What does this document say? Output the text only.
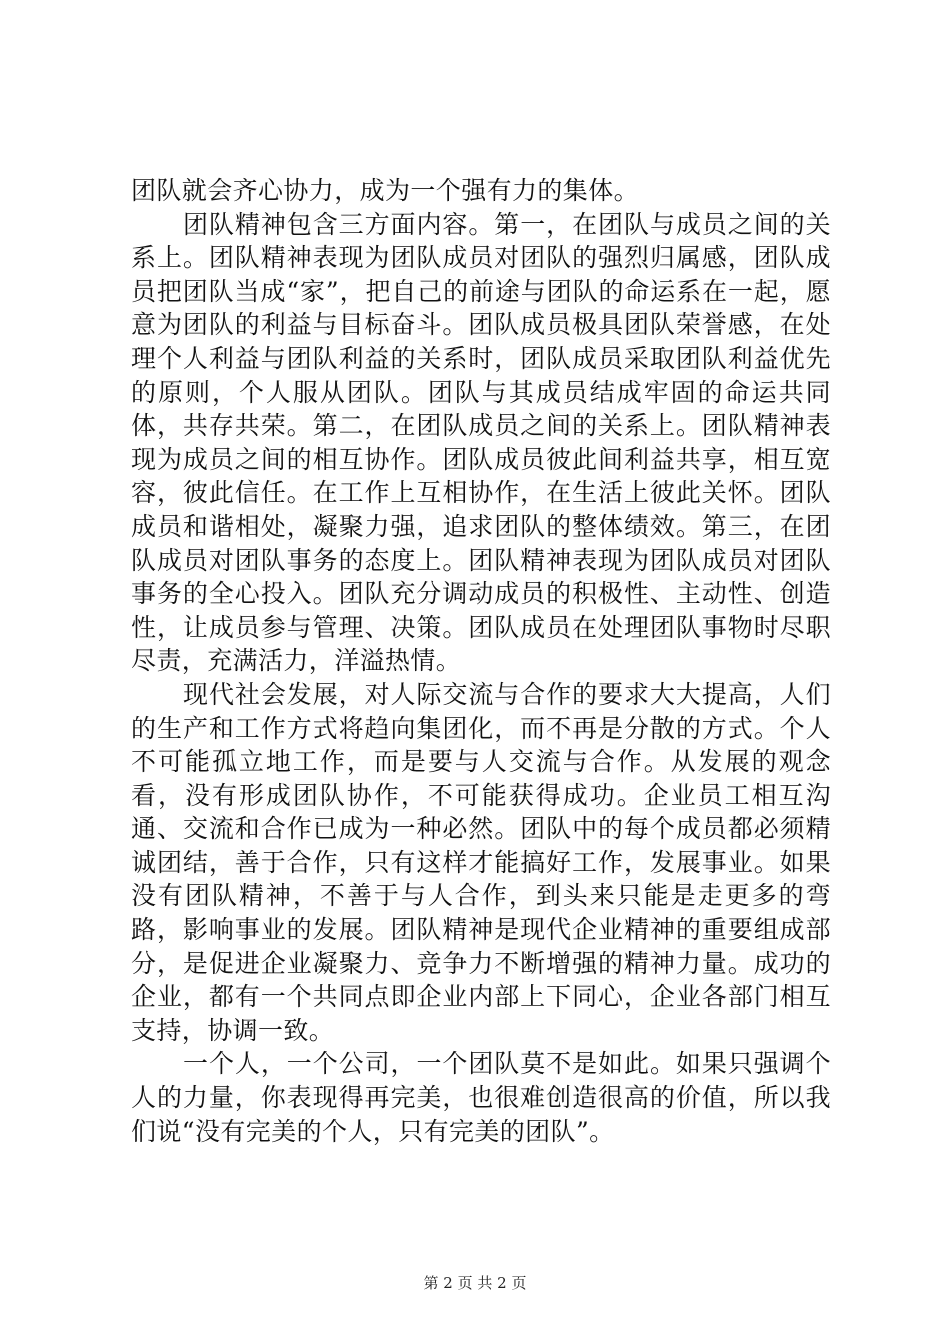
团队就会齐心协力，成为一个强有力的集体。

团队精神包含三方面内容。第一，在团队与成员之间的关系上。团队精神表现为团队成员对团队的强烈归属感，团队成员把团队当成“家”，把自己的前途与团队的命运系在一起，愿意为团队的利益与目标奋斗。团队成员极具团队荣誉感，在处理个人利益与团队利益的关系时，团队成员采取团队利益优先的原则，个人服从团队。团队与其成员结成牢固的命运共同体，共存共荣。第二，在团队成员之间的关系上。团队精神表现为成员之间的相互协作。团队成员彼此间利益共享，相互宽容，彼此信任。在工作上互相协作，在生活上彼此关怀。团队成员和谐相处，凝聚力强，追求团队的整体绩效。第三，在团队成员对团队事务的态度上。团队精神表现为团队成员对团队事务的全心投入。团队充分调动成员的积极性、主动性、创造性，让成员参与管理、决策。团队成员在处理团队事物时尽职尽责，充满活力，洋溢热情。

现代社会发展，对人际交流与合作的要求大大提高，人们的生产和工作方式将趋向集团化，而不再是分散的方式。个人不可能孤立地工作，而是要与人交流与合作。从发展的观念看，没有形成团队协作，不可能获得成功。企业员工相互沟通、交流和合作已成为一种必然。团队中的每个成员都必须精诚团结，善于合作，只有这样才能搞好工作，发展事业。如果没有团队精神，不善于与人合作，到头来只能是走更多的弯路，影响事业的发展。团队精神是现代企业精神的重要组成部分，是促进企业凝聚力、竞争力不断增强的精神力量。成功的企业，都有一个共同点即企业内部上下同心，企业各部门相互支持，协调一致。

一个人，一个公司，一个团队莫不是如此。如果只强调个人的力量，你表现得再完美，也很难创造很高的价值，所以我们说“没有完美的个人，只有完美的团队”。

第 2 页 共 2 页
